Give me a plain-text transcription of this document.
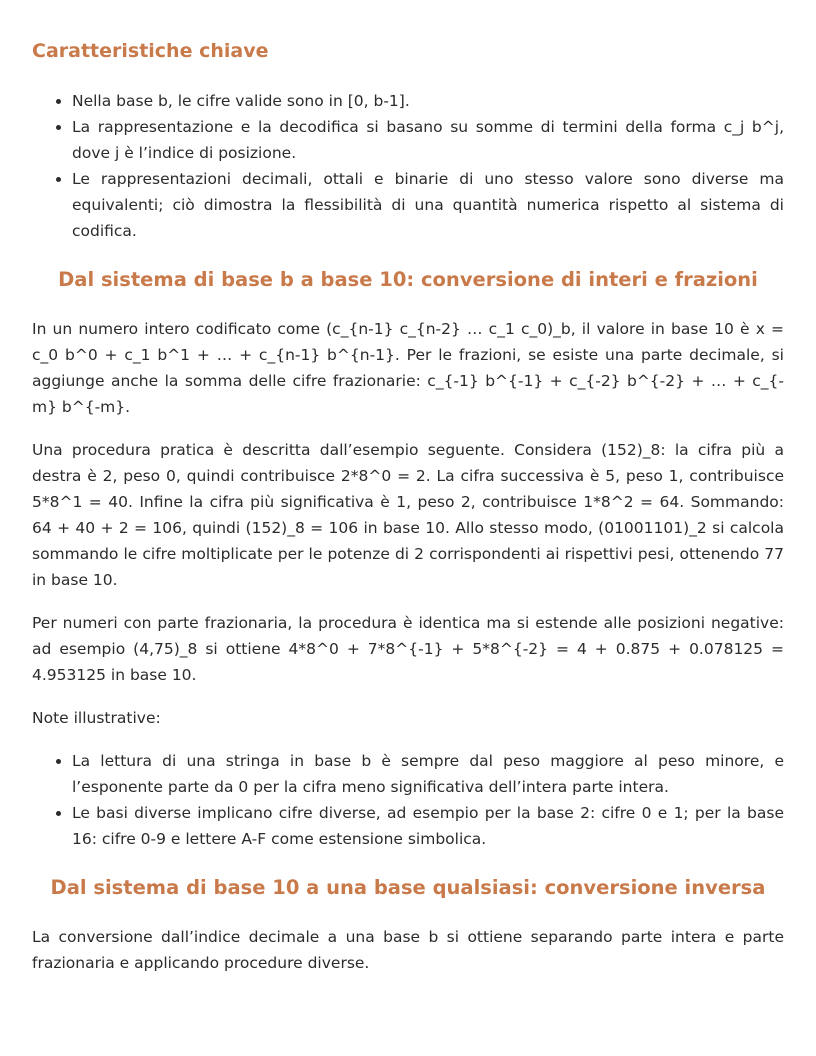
Caratteristiche chiave
• Nella base b, le cifre valide sono in [0, b-1].
• La rappresentazione e la decodifica si basano su somme di termini della forma c_j b^j, dove j è l’indice di posizione.
• Le rappresentazioni decimali, ottali e binarie di uno stesso valore sono diverse ma equivalenti; ciò dimostra la flessibilità di una quantità numerica rispetto al sistema di codifica.
Dal sistema di base b a base 10: conversione di interi e frazioni

In un numero intero codificato come (c_{n-1} c_{n-2} … c_1 c_0)_b, il valore in base 10 è x = c_0 b^0 + c_1 b^1 + … + c_{n-1} b^{n-1}. Per le frazioni, se esiste una parte decimale, si aggiunge anche la somma delle cifre frazionarie: c_{-1} b^{-1} + c_{-2} b^{-2} + … + c_{-m} b^{-m}.

Una procedura pratica è descritta dall’esempio seguente. Considera (152)_8: la cifra più a destra è 2, peso 0, quindi contribuisce 2*8^0 = 2. La cifra successiva è 5, peso 1, contribuisce 5*8^1 = 40. Infine la cifra più significativa è 1, peso 2, contribuisce 1*8^2 = 64. Sommando: 64 + 40 + 2 = 106, quindi (152)_8 = 106 in base 10. Allo stesso modo, (01001101)_2 si calcola sommando le cifre moltiplicate per le potenze di 2 corrispondenti ai rispettivi pesi, ottenendo 77 in base 10.

Per numeri con parte frazionaria, la procedura è identica ma si estende alle posizioni negative: ad esempio (4,75)_8 si ottiene 4*8^0 + 7*8^{-1} + 5*8^{-2} = 4 + 0.875 + 0.078125 = 4.953125 in base 10.

Note illustrative:

• La lettura di una stringa in base b è sempre dal peso maggiore al peso minore, e l’esponente parte da 0 per la cifra meno significativa dell’intera parte intera.
• Le basi diverse implicano cifre diverse, ad esempio per la base 2: cifre 0 e 1; per la base 16: cifre 0-9 e lettere A-F come estensione simbolica.
Dal sistema di base 10 a una base qualsiasi: conversione inversa

La conversione dall’indice decimale a una base b si ottiene separando parte intera e parte frazionaria e applicando procedure diverse.
